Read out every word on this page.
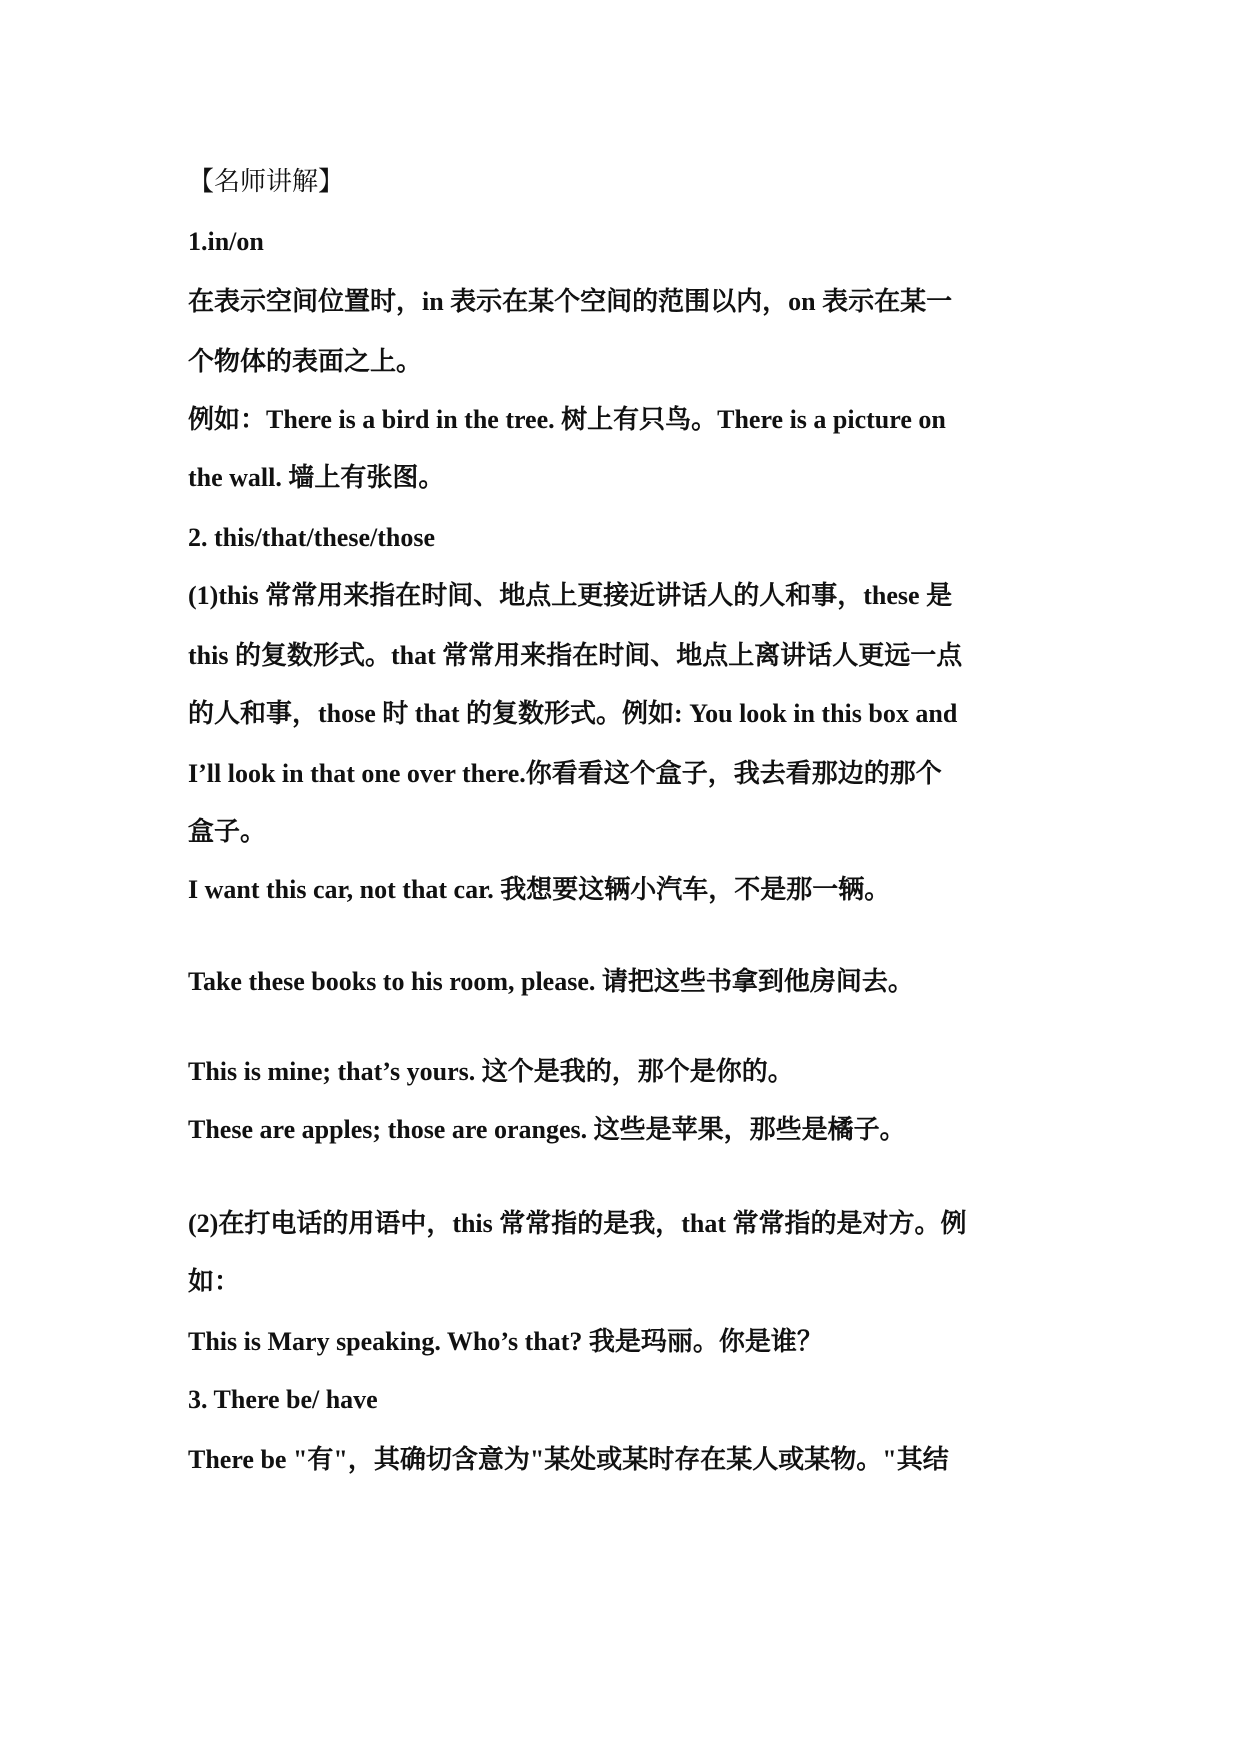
【名师讲解】
1.in/on
在表示空间位置时，in 表示在某个空间的范围以内，on 表示在某一
个物体的表面之上。
例如：There is a bird in the tree. 树上有只鸟。There is a picture on
the wall. 墙上有张图。
2. this/that/these/those
(1)this 常常用来指在时间、地点上更接近讲话人的人和事，these 是
this 的复数形式。that 常常用来指在时间、地点上离讲话人更远一点
的人和事，those 时 that 的复数形式。例如: You look in this box and
I’ll look in that one over there.你看看这个盒子，我去看那边的那个
盒子。
I want this car, not that car. 我想要这辆小汽车，不是那一辆。
Take these books to his room, please. 请把这些书拿到他房间去。
This is mine; that’s yours. 这个是我的，那个是你的。
These are apples; those are oranges. 这些是苹果，那些是橘子。
(2)在打电话的用语中，this 常常指的是我，that 常常指的是对方。例
如：
This is Mary speaking. Who’s that? 我是玛丽。你是谁？
3. There be/ have
There be "有"，其确切含意为"某处或某时存在某人或某物。"其结
